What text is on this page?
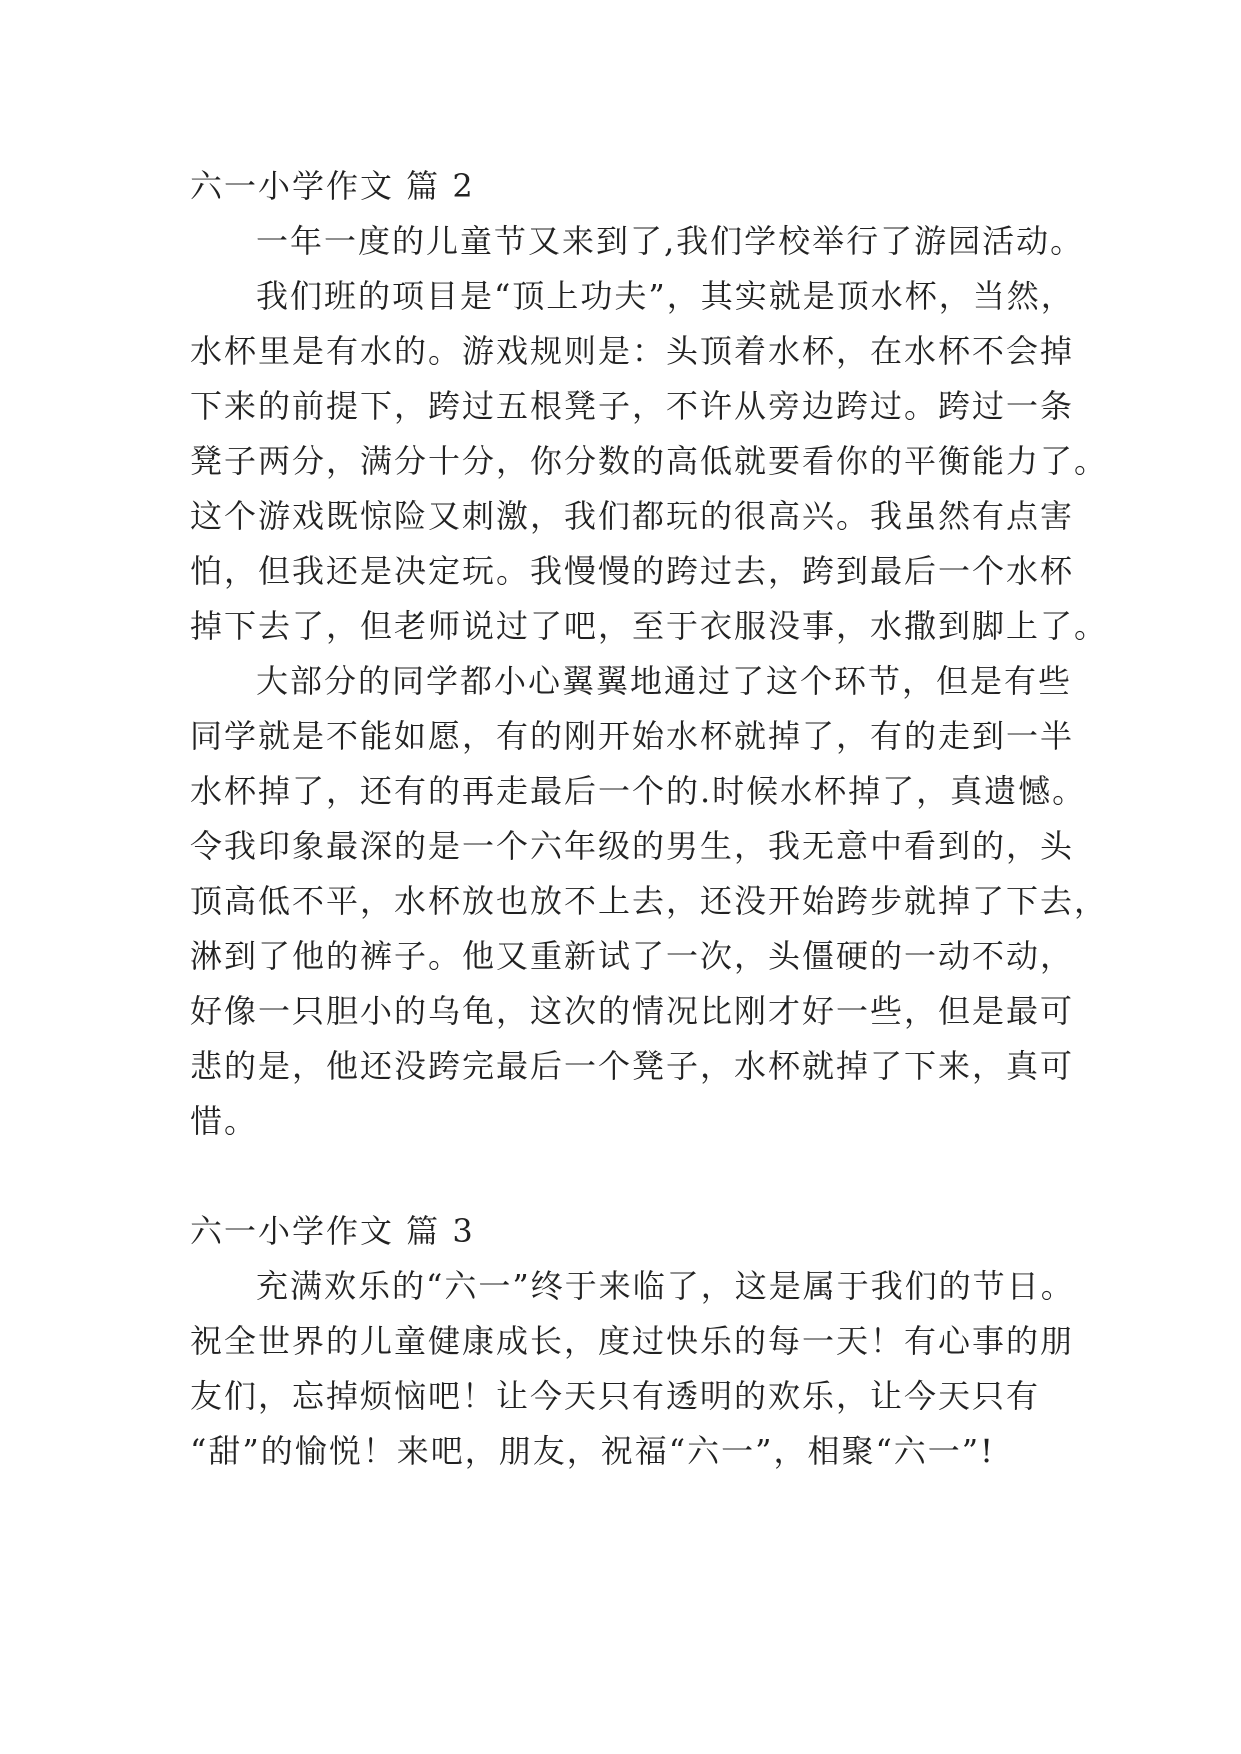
六一小学作文 篇 2

一年一度的儿童节又来到了,我们学校举行了游园活动。

我们班的项目是“顶上功夫”，其实就是顶水杯，当然，

水杯里是有水的。游戏规则是：头顶着水杯，在水杯不会掉

下来的前提下，跨过五根凳子，不许从旁边跨过。跨过一条

凳子两分，满分十分，你分数的高低就要看你的平衡能力了。

这个游戏既惊险又刺激，我们都玩的很高兴。我虽然有点害

怕，但我还是决定玩。我慢慢的跨过去，跨到最后一个水杯

掉下去了，但老师说过了吧，至于衣服没事，水撒到脚上了。

大部分的同学都小心翼翼地通过了这个环节，但是有些

同学就是不能如愿，有的刚开始水杯就掉了，有的走到一半

水杯掉了，还有的再走最后一个的.时候水杯掉了，真遗憾。

令我印象最深的是一个六年级的男生，我无意中看到的，头

顶高低不平，水杯放也放不上去，还没开始跨步就掉了下去，

淋到了他的裤子。他又重新试了一次，头僵硬的一动不动，

好像一只胆小的乌龟，这次的情况比刚才好一些，但是最可

悲的是，他还没跨完最后一个凳子，水杯就掉了下来，真可

惜。

六一小学作文 篇 3

充满欢乐的“六一”终于来临了，这是属于我们的节日。

祝全世界的儿童健康成长，度过快乐的每一天！有心事的朋

友们，忘掉烦恼吧！让今天只有透明的欢乐，让今天只有

“甜”的愉悦！来吧，朋友，祝福“六一”，相聚“六一”!
